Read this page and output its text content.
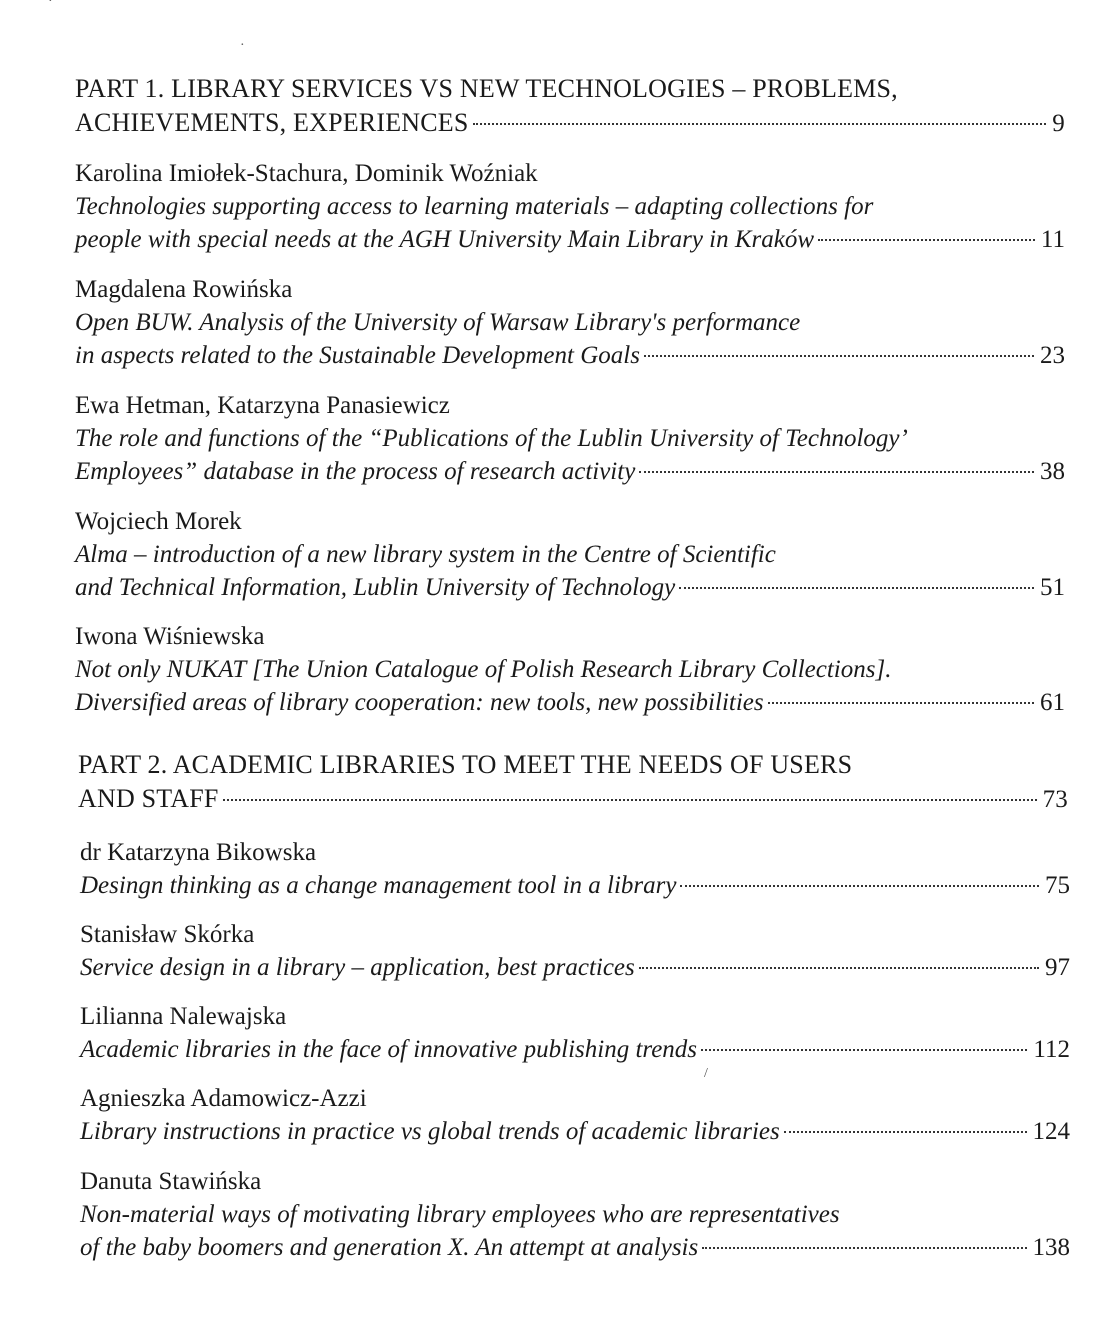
·
·
PART 1. LIBRARY SERVICES VS NEW TECHNOLOGIES – PROBLEMS,
ACHIEVEMENTS, EXPERIENCES	9
Karolina Imiołek-Stachura, Dominik Woźniak
Technologies supporting access to learning materials – adapting collections for
people with special needs at the AGH University Main Library in Kraków	11
Magdalena Rowińska
Open BUW. Analysis of the University of Warsaw Library's performance
in aspects related to the Sustainable Development Goals	23
Ewa Hetman, Katarzyna Panasiewicz
The role and functions of the “Publications of the Lublin University of Technology’
Employees” database in the process of research activity	38
Wojciech Morek
Alma – introduction of a new library system in the Centre of Scientific
and Technical Information, Lublin University of Technology	51
Iwona Wiśniewska
Not only NUKAT [The Union Catalogue of Polish Research Library Collections].
Diversified areas of library cooperation: new tools, new possibilities	61
PART 2. ACADEMIC LIBRARIES TO MEET THE NEEDS OF USERS
AND STAFF	73
dr Katarzyna Bikowska
Desingn thinking as a change management tool in a library	75
Stanisław Skórka
Service design in a library – application, best practices	97
Lilianna Nalewajska
Academic libraries in the face of innovative publishing trends	112
/
Agnieszka Adamowicz-Azzi
Library instructions in practice vs global trends of academic libraries	124
Danuta Stawińska
Non-material ways of motivating library employees who are representatives
of the baby boomers and generation X. An attempt at analysis	138
